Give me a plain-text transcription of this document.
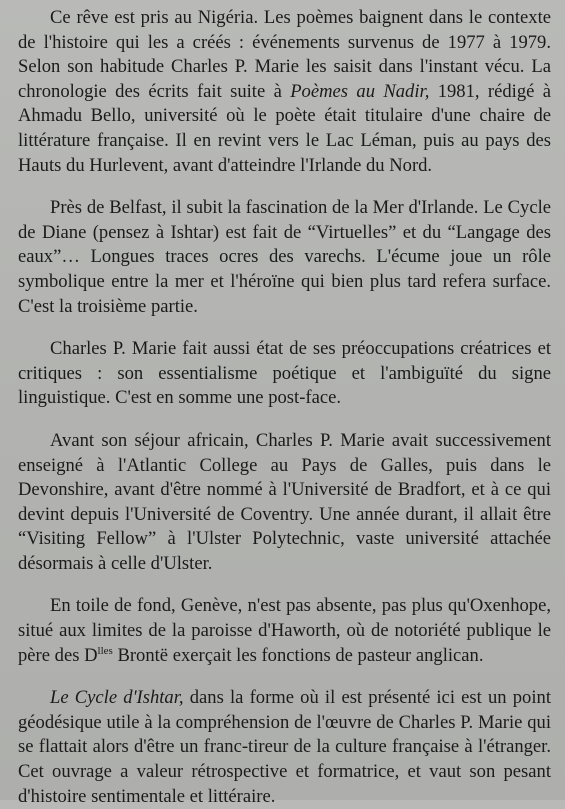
Ce rêve est pris au Nigéria. Les poèmes baignent dans le contexte de l'histoire qui les a créés : événements survenus de 1977 à 1979. Selon son habitude Charles P. Marie les saisit dans l'instant vécu. La chronologie des écrits fait suite à Poèmes au Nadir, 1981, rédigé à Ahmadu Bello, université où le poète était titulaire d'une chaire de littérature française. Il en revint vers le Lac Léman, puis au pays des Hauts du Hurlevent, avant d'atteindre l'Irlande du Nord.

Près de Belfast, il subit la fascination de la Mer d'Irlande. Le Cycle de Diane (pensez à Ishtar) est fait de “Virtuelles” et du “Langage des eaux”… Longues traces ocres des varechs. L'écume joue un rôle symbolique entre la mer et l'héroïne qui bien plus tard refera surface. C'est la troisième partie.

Charles P. Marie fait aussi état de ses préoccupations créatrices et critiques : son essentialisme poétique et l'ambiguïté du signe linguistique. C'est en somme une post-face.

Avant son séjour africain, Charles P. Marie avait successivement enseigné à l'Atlantic College au Pays de Galles, puis dans le Devonshire, avant d'être nommé à l'Université de Bradfort, et à ce qui devint depuis l'Université de Coventry. Une année durant, il allait être “Visiting Fellow” à l'Ulster Polytechnic, vaste université attachée désormais à celle d'Ulster.

En toile de fond, Genève, n'est pas absente, pas plus qu'Oxenhope, situé aux limites de la paroisse d'Haworth, où de notoriété publique le père des $D^{lles}$ Brontë exerçait les fonctions de pasteur anglican.

Le Cycle d'Ishtar, dans la forme où il est présenté ici est un point géodésique utile à la compréhension de l'œuvre de Charles P. Marie qui se flattait alors d'être un franc-tireur de la culture française à l'étranger. Cet ouvrage a valeur rétrospective et formatrice, et vaut son pesant d'histoire sentimentale et littéraire.
